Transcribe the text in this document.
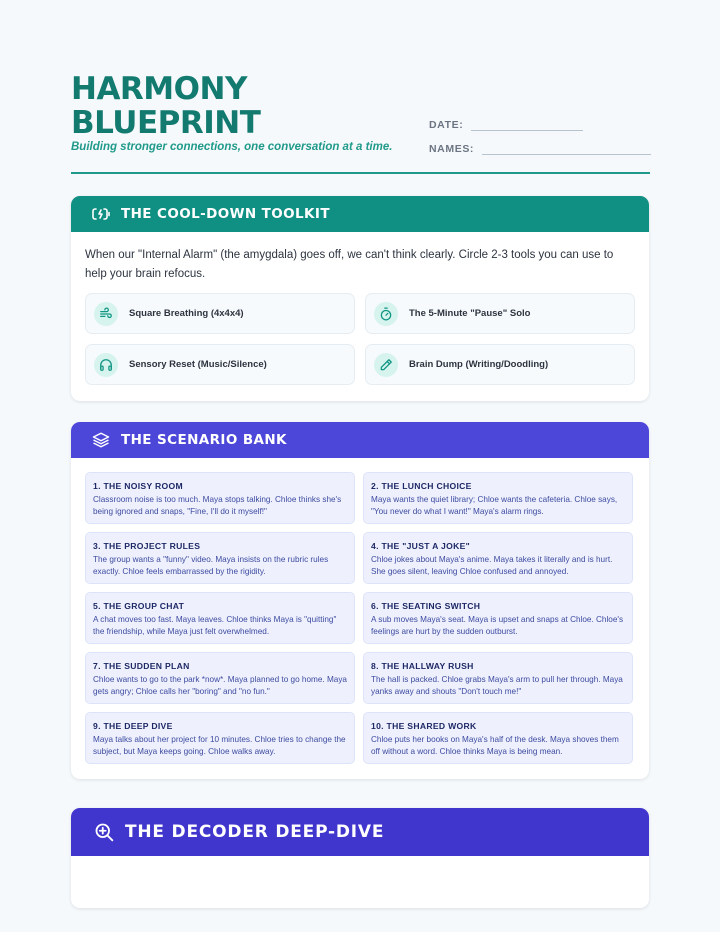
HARMONY
BLUEPRINT
Building stronger connections, one conversation at a time.
DATE:
NAMES:
THE COOL-DOWN TOOLKIT
When our "Internal Alarm" (the amygdala) goes off, we can't think clearly. Circle 2-3 tools you can use to help your brain refocus.
Square Breathing (4x4x4)	The 5-Minute "Pause" Solo
Sensory Reset (Music/Silence)	Brain Dump (Writing/Doodling)
THE SCENARIO BANK
1. THE NOISY ROOM
Classroom noise is too much. Maya stops talking. Chloe thinks she's being ignored and snaps, "Fine, I'll do it myself!"
2. THE LUNCH CHOICE
Maya wants the quiet library; Chloe wants the cafeteria. Chloe says, "You never do what I want!" Maya's alarm rings.
3. THE PROJECT RULES
The group wants a "funny" video. Maya insists on the rubric rules exactly. Chloe feels embarrassed by the rigidity.
4. THE "JUST A JOKE"
Chloe jokes about Maya's anime. Maya takes it literally and is hurt. She goes silent, leaving Chloe confused and annoyed.
5. THE GROUP CHAT
A chat moves too fast. Maya leaves. Chloe thinks Maya is "quitting" the friendship, while Maya just felt overwhelmed.
6. THE SEATING SWITCH
A sub moves Maya's seat. Maya is upset and snaps at Chloe. Chloe's feelings are hurt by the sudden outburst.
7. THE SUDDEN PLAN
Chloe wants to go to the park *now*. Maya planned to go home. Maya gets angry; Chloe calls her "boring" and "no fun."
8. THE HALLWAY RUSH
The hall is packed. Chloe grabs Maya's arm to pull her through. Maya yanks away and shouts "Don't touch me!"
9. THE DEEP DIVE
Maya talks about her project for 10 minutes. Chloe tries to change the subject, but Maya keeps going. Chloe walks away.
10. THE SHARED WORK
Chloe puts her books on Maya's half of the desk. Maya shoves them off without a word. Chloe thinks Maya is being mean.
THE DECODER DEEP-DIVE
